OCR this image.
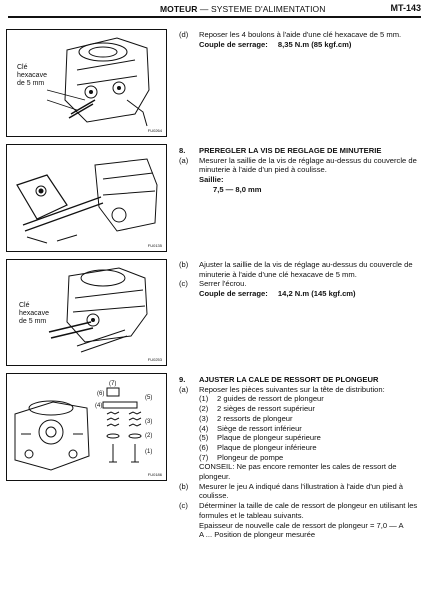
MOTEUR — SYSTEME D'ALIMENTATION	MT-143
Clé
hexacave
de 5 mm
FU0264
FU0135
Clé
hexacave
de 5 mm
FU0253
(7)
(6)
(5)
(4)
(3)
(2)
(1)
FU0186
(d)	Reposer les 4 boulons à l'aide d'une clé hexacave de 5 mm.
Couple de serrage: 8,35 N.m (85 kgf.cm)
8.	PREREGLER LA VIS DE REGLAGE DE MINUTERIE
(a)	Mesurer la saillie de la vis de réglage au-dessus du couvercle de minuterie à l'aide d'un pied à coulisse.
Saillie:
7,5 — 8,0 mm
(b)	Ajuster la saillie de la vis de réglage au-dessus du couvercle de minuterie à l'aide d'une clé hexacave de 5 mm.
(c)	Serrer l'écrou.
Couple de serrage: 14,2 N.m (145 kgf.cm)
9.	AJUSTER LA CALE DE RESSORT DE PLONGEUR
(a)	Reposer les pièces suivantes sur la tête de distribution:
(1)	2 guides de ressort de plongeur
(2)	2 sièges de ressort supérieur
(3)	2 ressorts de plongeur
(4)	Siège de ressort inférieur
(5)	Plaque de plongeur supérieure
(6)	Plaque de plongeur inférieure
(7)	Plongeur de pompe
CONSEIL: Ne pas encore remonter les cales de ressort de plongeur.
(b)	Mesurer le jeu A indiqué dans l'illustration à l'aide d'un pied à coulisse.
(c)	Déterminer la taille de cale de ressort de plongeur en utilisant les formules et le tableau suivants.
Epaisseur de nouvelle cale de ressort de plongeur = 7,0 — A
A ... Position de plongeur mesurée
